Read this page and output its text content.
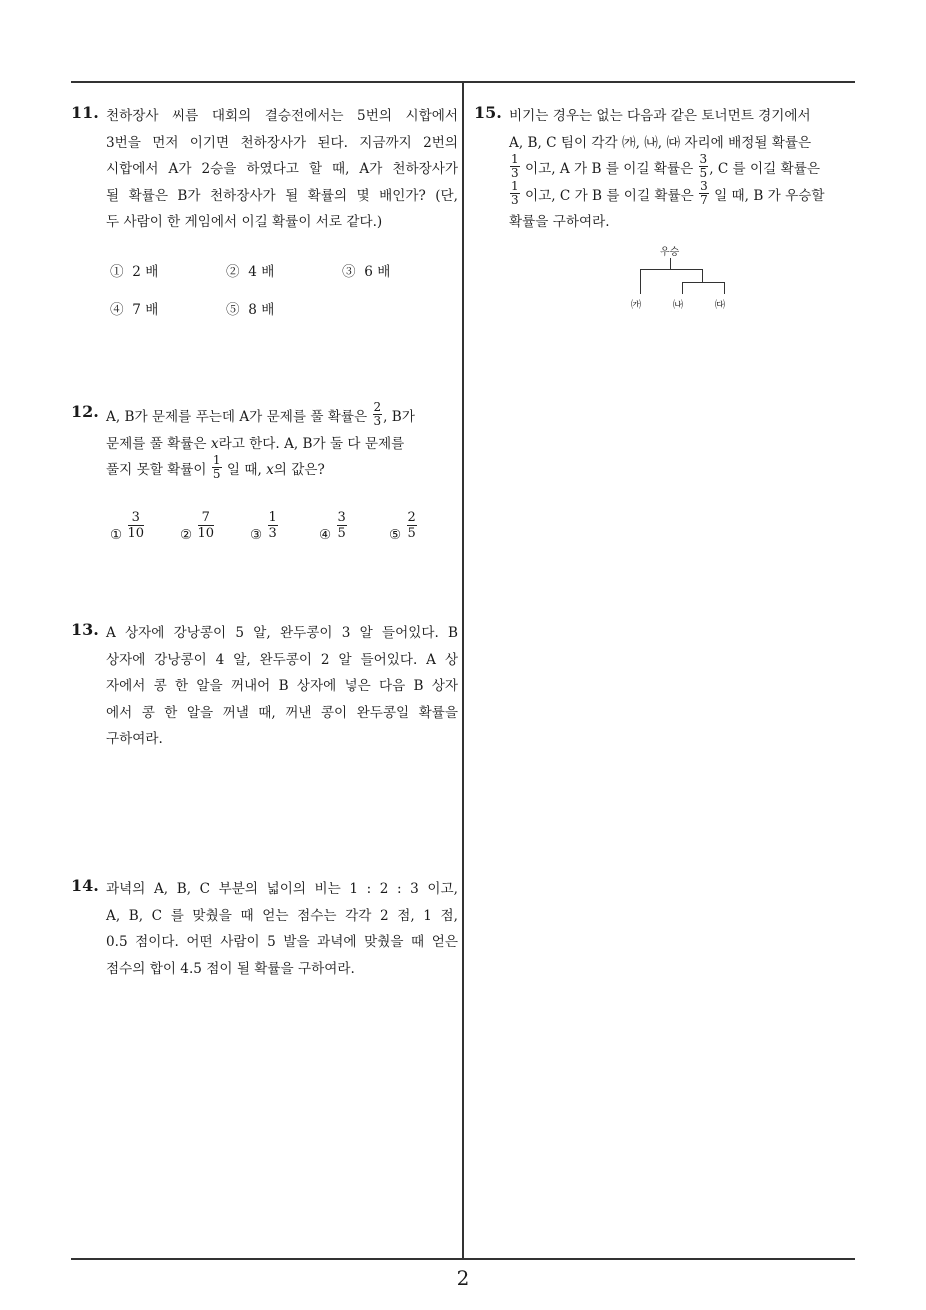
11. 천하장사 씨름 대회의 결승전에서는 5번의 시합에서
3번을 먼저 이기면 천하장사가 된다. 지금까지 2번의
시합에서 A가 2승을 하였다고 할 때, A가 천하장사가
될 확률은 B가 천하장사가 될 확률의 몇 배인가? (단,
두 사람이 한 게임에서 이길 확률이 서로 같다.)
① 2 배	② 4 배	③ 6 배
④ 7 배	⑤ 8 배
12. A, B가 문제를 푸는데 A가 문제를 풀 확률은 $\frac{2}{3}$ , B가
문제를 풀 확률은 x라고 한다. A, B가 둘 다 문제를
풀지 못할 확률이 $\frac{1}{5}$ 일 때, x의 값은?
① $\frac{3}{10}$	② $\frac{7}{10}$	③ $\frac{1}{3}$	④ $\frac{3}{5}$	⑤ $\frac{2}{5}$
13. A 상자에 강낭콩이 5 알, 완두콩이 3 알 들어있다. B
상자에 강낭콩이 4 알, 완두콩이 2 알 들어있다. A 상
자에서 콩 한 알을 꺼내어 B 상자에 넣은 다음 B 상자
에서 콩 한 알을 꺼낼 때, 꺼낸 콩이 완두콩일 확률을
구하여라.
14. 과녁의 A, B, C 부분의 넓이의 비는 1 : 2 : 3 이고,
A, B, C 를 맞췄을 때 얻는 점수는 각각 2 점, 1 점,
0.5 점이다. 어떤 사람이 5 발을 과녁에 맞췄을 때 얻은
점수의 합이 4.5 점이 될 확률을 구하여라.
15. 비기는 경우는 없는 다음과 같은 토너먼트 경기에서
A, B, C 팀이 각각 ㈎, ㈏, ㈐ 자리에 배정될 확률은
$\frac{1}{3}$ 이고, A 가 B 를 이길 확률은 $\frac{3}{5}$ , C 를 이길 확률은
$\frac{1}{3}$ 이고, C 가 B 를 이길 확률은 $\frac{3}{7}$ 일 때, B 가 우승할
확률을 구하여라.
우승
㈎	㈏	㈐
2
